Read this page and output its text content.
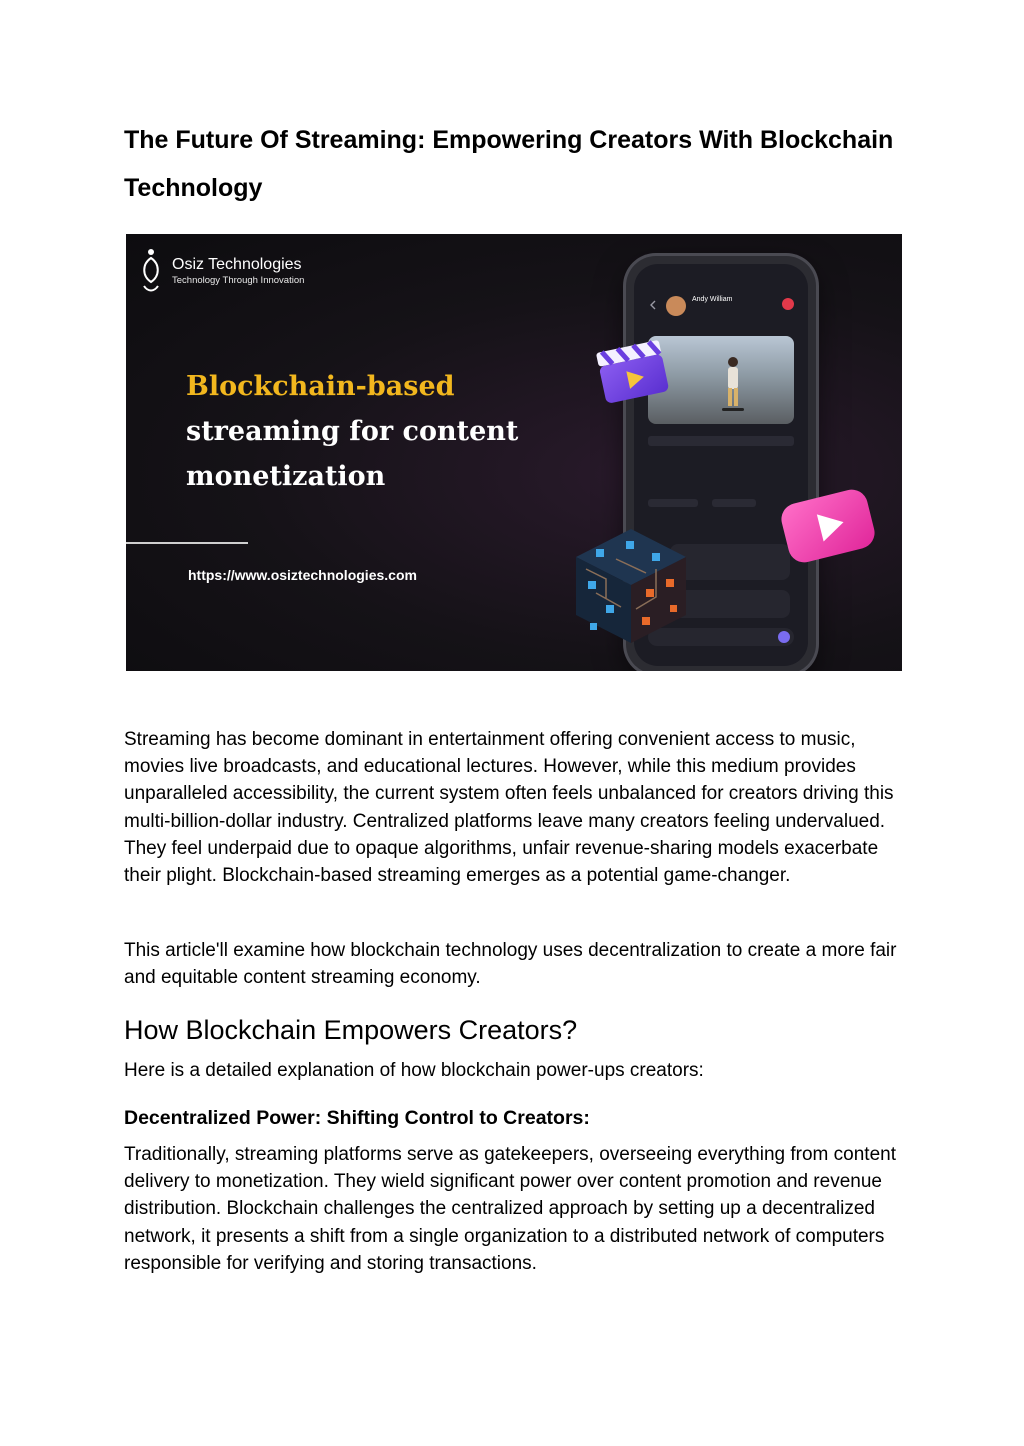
The Future Of Streaming: Empowering Creators With Blockchain Technology
Osiz Technologies
Technology Through Innovation
Blockchain-based
streaming for content monetization
https://www.osiztechnologies.com
Andy William

Streaming has become dominant in entertainment offering convenient access to music, movies live broadcasts, and educational lectures. However, while this medium provides unparalleled accessibility, the current system often feels unbalanced for creators driving this multi-billion-dollar industry. Centralized platforms leave many creators feeling undervalued. They feel underpaid due to opaque algorithms, unfair revenue-sharing models exacerbate their plight. Blockchain-based streaming emerges as a potential game-changer.

This article'll examine how blockchain technology uses decentralization to create a more fair and equitable content streaming economy.

How Blockchain Empowers Creators?

Here is a detailed explanation of how blockchain power-ups creators:

Decentralized Power: Shifting Control to Creators:

Traditionally, streaming platforms serve as gatekeepers, overseeing everything from content delivery to monetization. They wield significant power over content promotion and revenue distribution. Blockchain challenges the centralized approach by setting up a decentralized network, it presents a shift from a single organization to a distributed network of computers responsible for verifying and storing transactions.
